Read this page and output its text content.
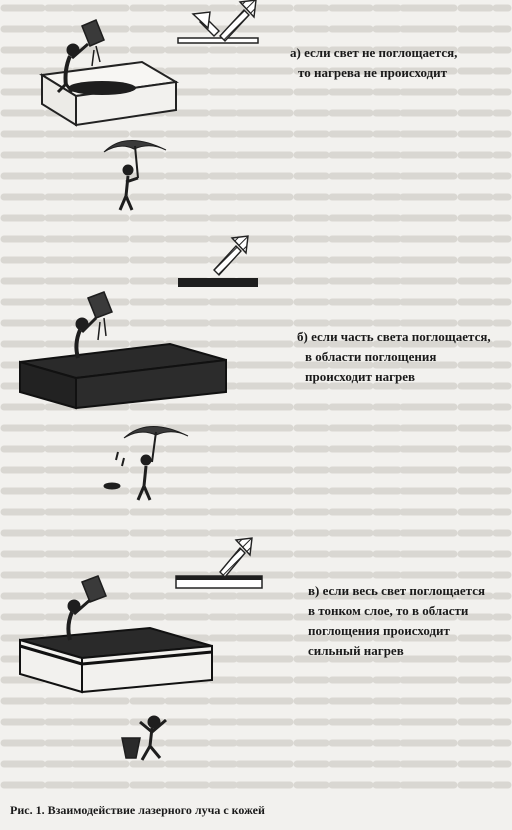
а) если свет не поглощается,
то нагрева не происходит
б) если часть света поглощается,
в области поглощения
происходит нагрев
в) если весь свет поглощается
в тонком слое, то в области
поглощения происходит
сильный нагрев
Рис. 1. Взаимодействие лазерного луча с кожей
